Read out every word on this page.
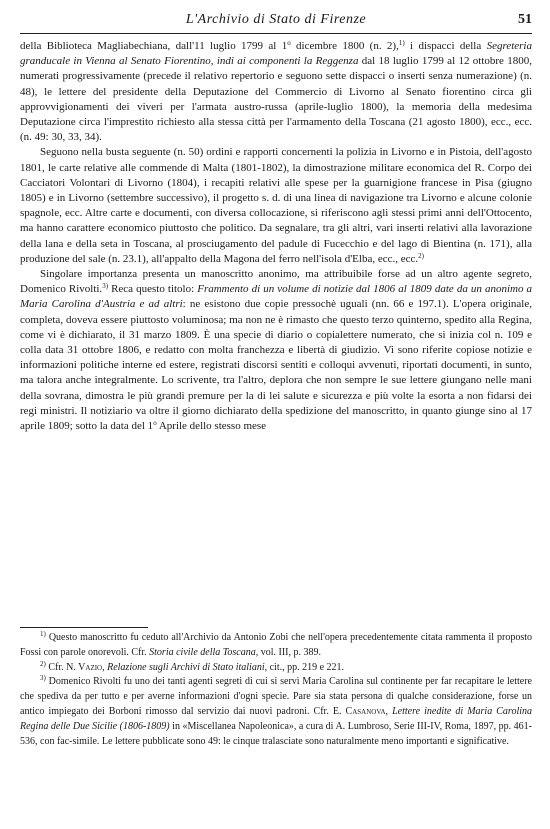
L'Archivio di Stato di Firenze	51

della Biblioteca Magliabechiana, dall'11 luglio 1799 al 1$^o$ dicembre 1800 (n. 2),$^{1)}$ i dispacci della Segreteria granducale in Vienna al Senato Fiorentino, indi ai componenti la Reggenza dal 18 luglio 1799 al 12 ottobre 1800, numerati progressivamente (precede il relativo repertorio e seguono sette dispacci o inserti senza numerazione) (n. 48), le lettere del presidente della Deputazione del Commercio di Livorno al Senato fiorentino circa gli approvvigionamenti dei viveri per l'armata austro-russa (aprile-luglio 1800), la memoria della medesima Deputazione circa l'imprestito richiesto alla stessa città per l'armamento della Toscana (21 agosto 1800), ecc., ecc. (n. 49: 30, 33, 34).

Seguono nella busta seguente (n. 50) ordini e rapporti concernenti la polizia in Livorno e in Pistoia, dell'agosto 1801, le carte relative alle commende di Malta (1801-1802), la dimostrazione militare economica del R. Corpo dei Cacciatori Volontari di Livorno (1804), i recapiti relativi alle spese per la guarnigione francese in Pisa (giugno 1805) e in Livorno (settembre successivo), il progetto s. d. di una linea di navigazione tra Livorno e alcune colonie spagnole, ecc. Altre carte e documenti, con diversa collocazione, si riferiscono agli stessi primi anni dell'Ottocento, ma hanno carattere economico piuttosto che politico. Da segnalare, tra gli altri, vari inserti relativi alla lavorazione della lana e della seta in Toscana, al prosciugamento del padule di Fucecchio e del lago di Bientina (n. 171), alla produzione del sale (n. 23.1), all'appalto della Magona del ferro nell'isola d'Elba, ecc., ecc.$^{2)}$

Singolare importanza presenta un manoscritto anonimo, ma attribuibile forse ad un altro agente segreto, Domenico Rivolti.$^{3)}$ Reca questo titolo: Frammento di un volume di notizie dal 1806 al 1809 date da un anonimo a Maria Carolina d'Austria e ad altri: ne esistono due copie pressochè uguali (nn. 66 e 197.1). L'opera originale, completa, doveva essere piuttosto voluminosa; ma non ne è rimasto che questo terzo quinterno, spedito alla Regina, come vi è dichiarato, il 31 marzo 1809. È una specie di diario o copialettere numerato, che si inizia col n. 109 e colla data 31 ottobre 1806, e redatto con molta franchezza e libertà di giudizio. Vi sono riferite copiose notizie e informazioni politiche interne ed estere, registrati discorsi sentiti e colloqui avvenuti, riportati documenti, in sunto, ma talora anche integralmente. Lo scrivente, tra l'altro, deplora che non sempre le sue lettere giungano nelle mani della sovrana, dimostra le più grandi premure per la di lei salute e sicurezza e più volte la esorta a non fidarsi dei regi ministri. Il notiziario va oltre il giorno dichiarato della spedizione del manoscritto, in quanto giunge sino al 17 aprile 1809; sotto la data del 1$^o$ Aprile dello stesso mese

$^{1)}$ Questo manoscritto fu ceduto all'Archivio da Antonio Zobi che nell'opera precedentemente citata rammenta il proposto Fossi con parole onorevoli. Cfr. Storia civile della Toscana, vol. III, p. 389.

$^{2)}$ Cfr. N. Vazio, Relazione sugli Archivi di Stato italiani, cit., pp. 219 e 221.

$^{3)}$ Domenico Rivolti fu uno dei tanti agenti segreti di cui si servì Maria Carolina sul continente per far recapitare le lettere che spediva da per tutto e per averne informazioni d'ogni specie. Pare sia stata persona di qualche considerazione, forse un antico impiegato dei Borboni rimosso dal servizio dai nuovi padroni. Cfr. E. Casanova, Lettere inedite di Maria Carolina Regina delle Due Sicilie (1806-1809) in «Miscellanea Napoleonica», a cura di A. Lumbroso, Serie III-IV, Roma, 1897, pp. 461-536, con fac-simile. Le lettere pubblicate sono 49: le cinque tralasciate sono naturalmente meno importanti e significative.
